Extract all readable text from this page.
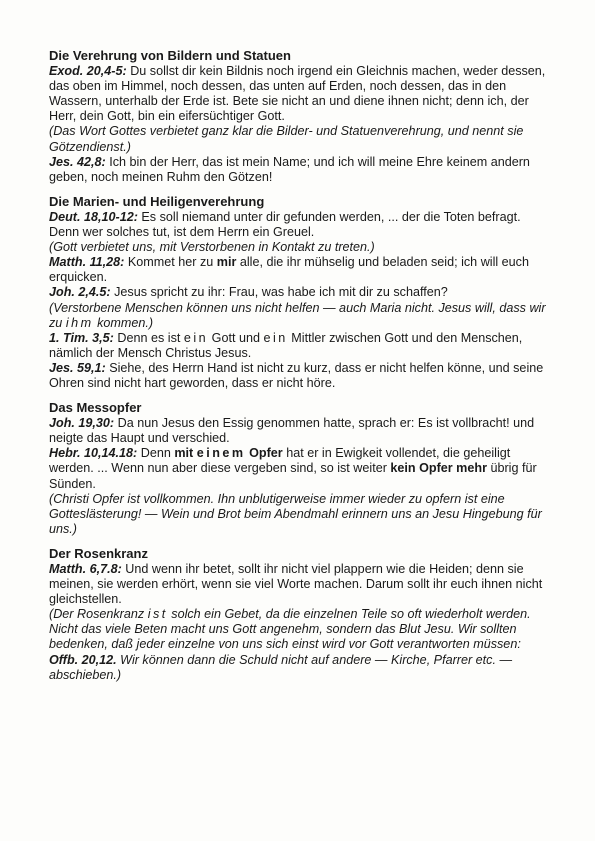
Die Verehrung von Bildern und Statuen

Exod. 20,4-5: Du sollst dir kein Bildnis noch irgend ein Gleichnis machen, weder dessen, das oben im Himmel, noch dessen, das unten auf Erden, noch dessen, das in den Wassern, unterhalb der Erde ist. Bete sie nicht an und diene ihnen nicht; denn ich, der Herr, dein Gott, bin ein eifersüchtiger Gott.

(Das Wort Gottes verbietet ganz klar die Bilder- und Statuenverehrung, und nennt sie Götzendienst.)

Jes. 42,8: Ich bin der Herr, das ist mein Name; und ich will meine Ehre keinem andern geben, noch meinen Ruhm den Götzen!

Die Marien- und Heiligenverehrung

Deut. 18,10-12: Es soll niemand unter dir gefunden werden, ... der die Toten befragt. Denn wer solches tut, ist dem Herrn ein Greuel.

(Gott verbietet uns, mit Verstorbenen in Kontakt zu treten.)

Matth. 11,28: Kommet her zu mir alle, die ihr mühselig und beladen seid; ich will euch erquicken.

Joh. 2,4.5: Jesus spricht zu ihr: Frau, was habe ich mit dir zu schaffen?

(Verstorbene Menschen können uns nicht helfen — auch Maria nicht. Jesus will, dass wir zu ihm kommen.)

1. Tim. 3,5: Denn es ist ein Gott und ein Mittler zwischen Gott und den Menschen, nämlich der Mensch Christus Jesus.

Jes. 59,1: Siehe, des Herrn Hand ist nicht zu kurz, dass er nicht helfen könne, und seine Ohren sind nicht hart geworden, dass er nicht höre.

Das Messopfer

Joh. 19,30: Da nun Jesus den Essig genommen hatte, sprach er: Es ist vollbracht! und neigte das Haupt und verschied.

Hebr. 10,14.18: Denn mit einem Opfer hat er in Ewigkeit vollendet, die geheiligt werden. ... Wenn nun aber diese vergeben sind, so ist weiter kein Opfer mehr übrig für Sünden.

(Christi Opfer ist vollkommen. Ihn unblutigerweise immer wieder zu opfern ist eine Gotteslästerung! — Wein und Brot beim Abendmahl erinnern uns an Jesu Hingebung für uns.)

Der Rosenkranz

Matth. 6,7.8: Und wenn ihr betet, sollt ihr nicht viel plappern wie die Heiden; denn sie meinen, sie werden erhört, wenn sie viel Worte machen. Darum sollt ihr euch ihnen nicht gleichstellen.

(Der Rosenkranz ist solch ein Gebet, da die einzelnen Teile so oft wiederholt werden. Nicht das viele Beten macht uns Gott angenehm, sondern das Blut Jesu. Wir sollten bedenken, daß jeder einzelne von uns sich einst wird vor Gott verantworten müssen: Offb. 20,12. Wir können dann die Schuld nicht auf andere — Kirche, Pfarrer etc. — abschieben.)
